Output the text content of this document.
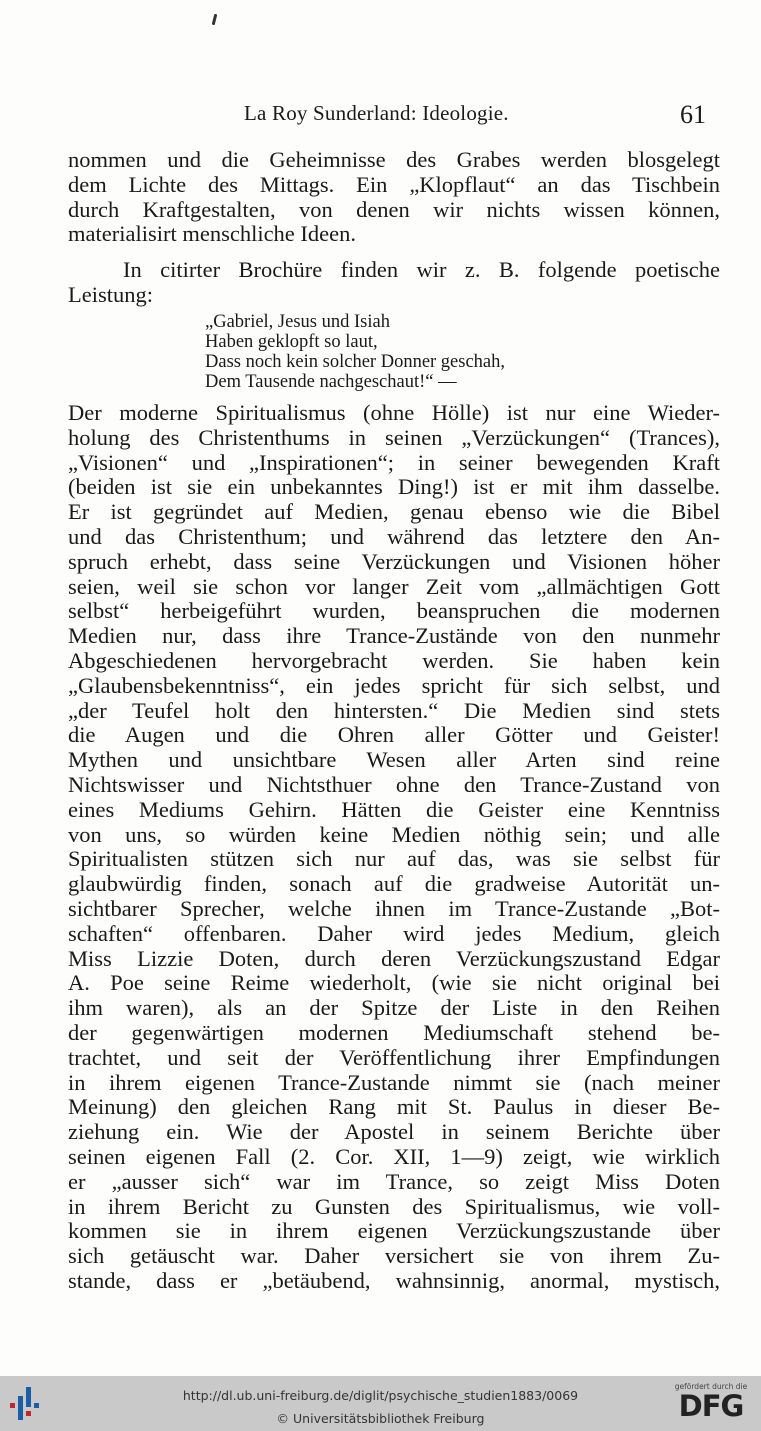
La Roy Sunderland: Ideologie.	61
nommen und die Geheimnisse des Grabes werden blosgelegt
dem Lichte des Mittags. Ein „Klopflaut“ an das Tischbein
durch Kraftgestalten, von denen wir nichts wissen können,
materialisirt menschliche Ideen.
In citirter Brochüre finden wir z. B. folgende poetische
Leistung:
„Gabriel, Jesus und Isiah
Haben geklopft so laut,
Dass noch kein solcher Donner geschah,
Dem Tausende nachgeschaut!“ —
Der moderne Spiritualismus (ohne Hölle) ist nur eine Wieder-
holung des Christenthums in seinen „Verzückungen“ (Trances),
„Visionen“ und „Inspirationen“; in seiner bewegenden Kraft
(beiden ist sie ein unbekanntes Ding!) ist er mit ihm dasselbe.
Er ist gegründet auf Medien, genau ebenso wie die Bibel
und das Christenthum; und während das letztere den An-
spruch erhebt, dass seine Verzückungen und Visionen höher
seien, weil sie schon vor langer Zeit vom „allmächtigen Gott
selbst“ herbeigeführt wurden, beanspruchen die modernen
Medien nur, dass ihre Trance-Zustände von den nunmehr
Abgeschiedenen hervorgebracht werden. Sie haben kein
„Glaubensbekenntniss“, ein jedes spricht für sich selbst, und
„der Teufel holt den hintersten.“ Die Medien sind stets
die Augen und die Ohren aller Götter und Geister!
Mythen und unsichtbare Wesen aller Arten sind reine
Nichtswisser und Nichtsthuer ohne den Trance-Zustand von
eines Mediums Gehirn. Hätten die Geister eine Kenntniss
von uns, so würden keine Medien nöthig sein; und alle
Spiritualisten stützen sich nur auf das, was sie selbst für
glaubwürdig finden, sonach auf die gradweise Autorität un-
sichtbarer Sprecher, welche ihnen im Trance-Zustande „Bot-
schaften“ offenbaren. Daher wird jedes Medium, gleich
Miss Lizzie Doten, durch deren Verzückungszustand Edgar
A. Poe seine Reime wiederholt, (wie sie nicht original bei
ihm waren), als an der Spitze der Liste in den Reihen
der gegenwärtigen modernen Mediumschaft stehend be-
trachtet, und seit der Veröffentlichung ihrer Empfindungen
in ihrem eigenen Trance-Zustande nimmt sie (nach meiner
Meinung) den gleichen Rang mit St. Paulus in dieser Be-
ziehung ein. Wie der Apostel in seinem Berichte über
seinen eigenen Fall (2. Cor. XII, 1—9) zeigt, wie wirklich
er „ausser sich“ war im Trance, so zeigt Miss Doten
in ihrem Bericht zu Gunsten des Spiritualismus, wie voll-
kommen sie in ihrem eigenen Verzückungszustande über
sich getäuscht war. Daher versichert sie von ihrem Zu-
stande, dass er „betäubend, wahnsinnig, anormal, mystisch,
http://dl.ub.uni-freiburg.de/diglit/psychische_studien1883/0069
© Universitätsbibliothek Freiburg
gefördert durch die
DFG
